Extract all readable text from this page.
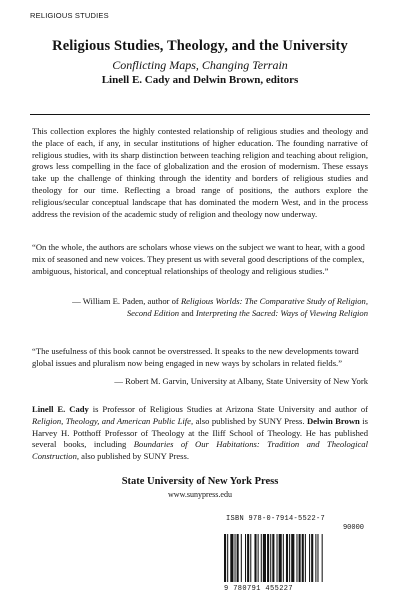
RELIGIOUS STUDIES
Religious Studies, Theology, and the University
Conflicting Maps, Changing Terrain
Linell E. Cady and Delwin Brown, editors

This collection explores the highly contested relationship of religious studies and theology and the place of each, if any, in secular institutions of higher education. The founding narrative of religious studies, with its sharp distinction between teaching religion and teaching about religion, grows less compelling in the face of globalization and the erosion of modernism. These essays take up the challenge of thinking through the identity and borders of religious studies and theology for our time. Reflecting a broad range of positions, the authors explore the religious/secular conceptual landscape that has dominated the modern West, and in the process address the revision of the academic study of religion and theology now underway.

“On the whole, the authors are scholars whose views on the subject we want to hear, with a good mix of seasoned and new voices. They present us with several good descriptions of the complex, ambiguous, historical, and conceptual relationships of theology and religious studies.”

— William E. Paden, author of Religious Worlds: The Comparative Study of Religion, Second Edition and Interpreting the Sacred: Ways of Viewing Religion

“The usefulness of this book cannot be overstressed. It speaks to the new developments toward global issues and pluralism now being engaged in new ways by scholars in related fields.”

— Robert M. Garvin, University at Albany, State University of New York
Linell E. Cady is Professor of Religious Studies at Arizona State University and author of Religion, Theology, and American Public Life, also published by SUNY Press. Delwin Brown is Harvey H. Potthoff Professor of Theology at the Iliff School of Theology. He has published several books, including Boundaries of Our Habitations: Tradition and Theological Construction, also published by SUNY Press.
State University of New York Press
www.sunypress.edu
ISBN 978-0-7914-5522-7
90000
9 780791 455227
